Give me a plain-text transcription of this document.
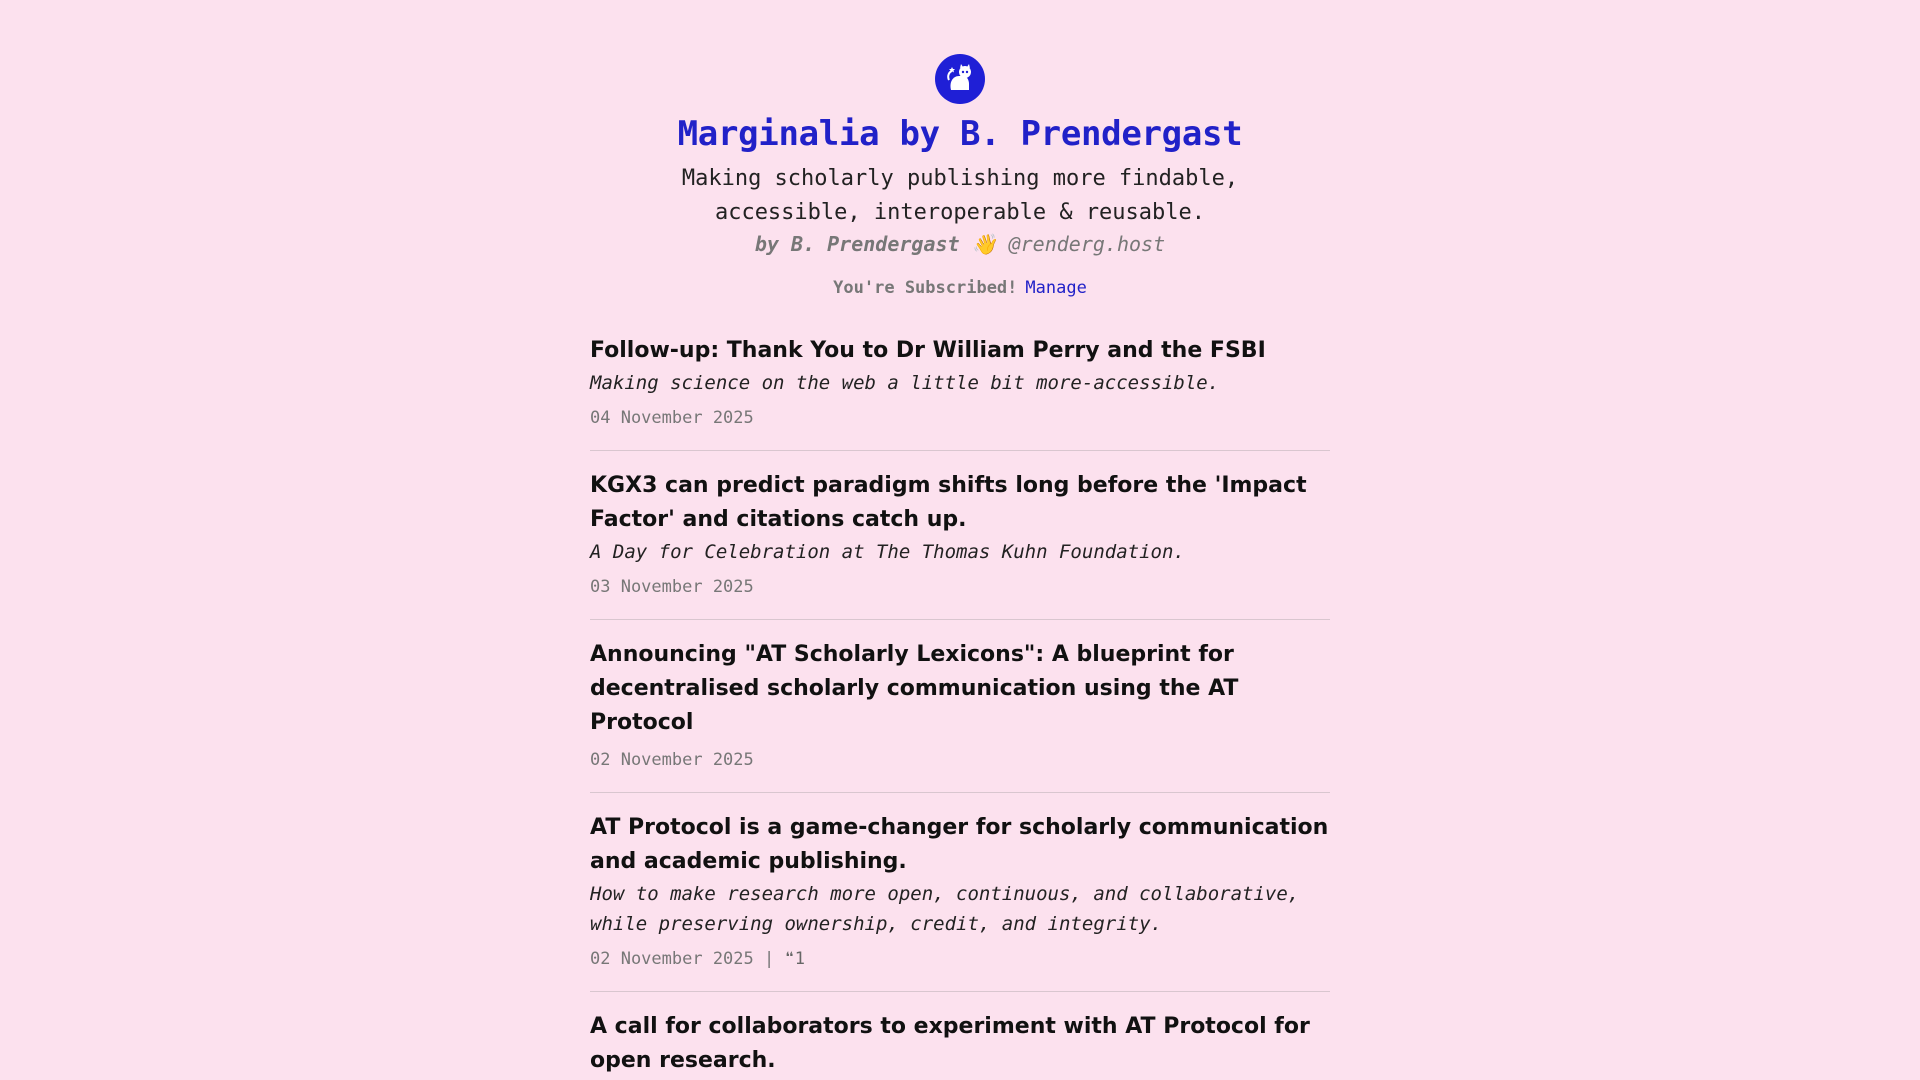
Marginalia by B. Prendergast
Making scholarly publishing more findable, accessible, interoperable & reusable.
by B. Prendergast 👋 @renderg.host
You're Subscribed! Manage
Follow-up: Thank You to Dr William Perry and the FSBI
Making science on the web a little bit more-accessible.
04 November 2025
KGX3 can predict paradigm shifts long before the 'Impact Factor' and citations catch up.
A Day for Celebration at The Thomas Kuhn Foundation.
03 November 2025
Announcing "AT Scholarly Lexicons": A blueprint for decentralised scholarly communication using the AT Protocol
02 November 2025
AT Protocol is a game-changer for scholarly communication and academic publishing.
How to make research more open, continuous, and collaborative, while preserving ownership, credit, and integrity.
02 November 2025 | ❝1
A call for collaborators to experiment with AT Protocol for open research.
